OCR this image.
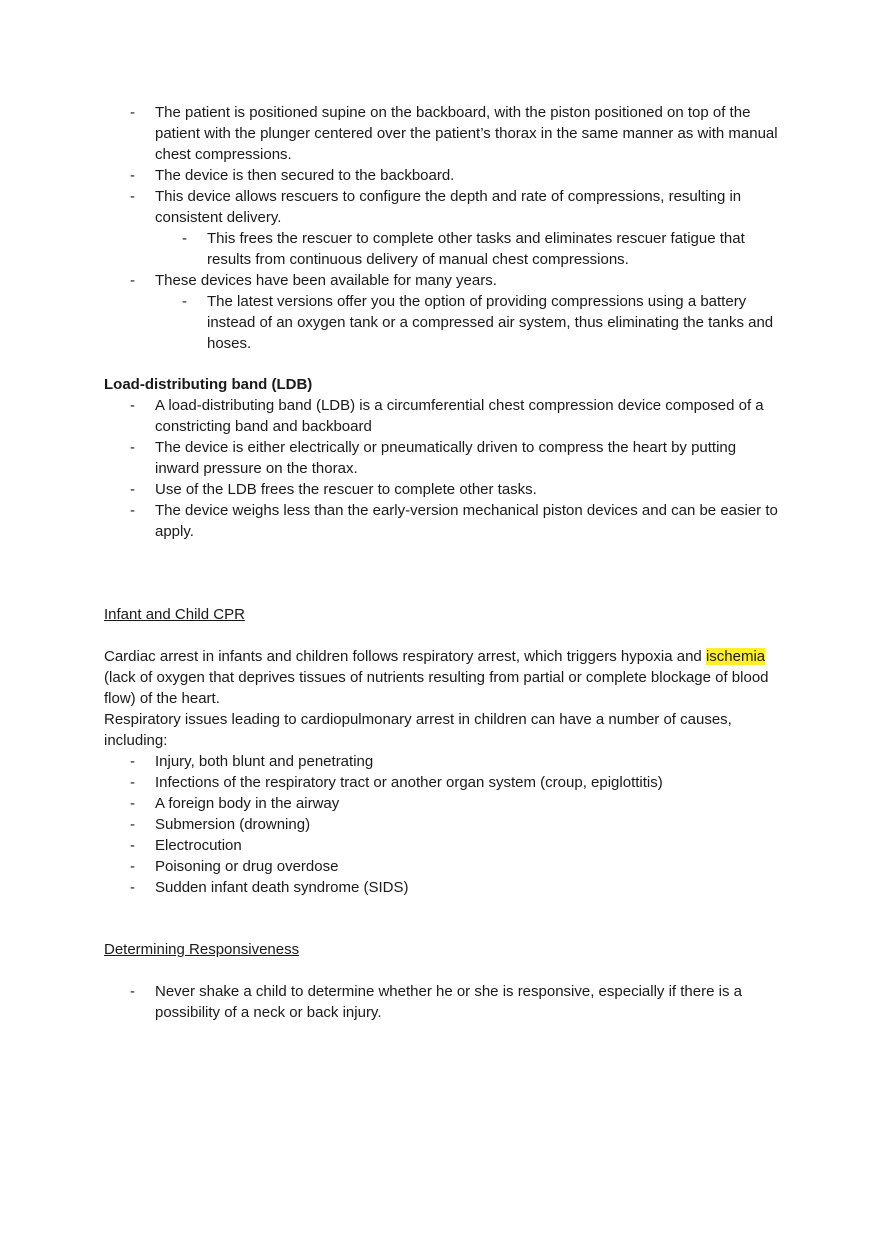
- The patient is positioned supine on the backboard, with the piston positioned on top of the patient with the plunger centered over the patient’s thorax in the same manner as with manual chest compressions.
- The device is then secured to the backboard.
- This device allows rescuers to configure the depth and rate of compressions, resulting in consistent delivery.
- This frees the rescuer to complete other tasks and eliminates rescuer fatigue that results from continuous delivery of manual chest compressions.
- These devices have been available for many years.
- The latest versions offer you the option of providing compressions using a battery instead of an oxygen tank or a compressed air system, thus eliminating the tanks and hoses.

Load-distributing band (LDB)

- A load-distributing band (LDB) is a circumferential chest compression device composed of a constricting band and backboard
- The device is either electrically or pneumatically driven to compress the heart by putting inward pressure on the thorax.
- Use of the LDB frees the rescuer to complete other tasks.
- The device weighs less than the early-version mechanical piston devices and can be easier to apply.

Infant and Child CPR

Cardiac arrest in infants and children follows respiratory arrest, which triggers hypoxia and ischemia (lack of oxygen that deprives tissues of nutrients resulting from partial or complete blockage of blood flow) of the heart.

Respiratory issues leading to cardiopulmonary arrest in children can have a number of causes, including:

- Injury, both blunt and penetrating
- Infections of the respiratory tract or another organ system (croup, epiglottitis)
- A foreign body in the airway
- Submersion (drowning)
- Electrocution
- Poisoning or drug overdose
- Sudden infant death syndrome (SIDS)

Determining Responsiveness

- Never shake a child to determine whether he or she is responsive, especially if there is a possibility of a neck or back injury.
